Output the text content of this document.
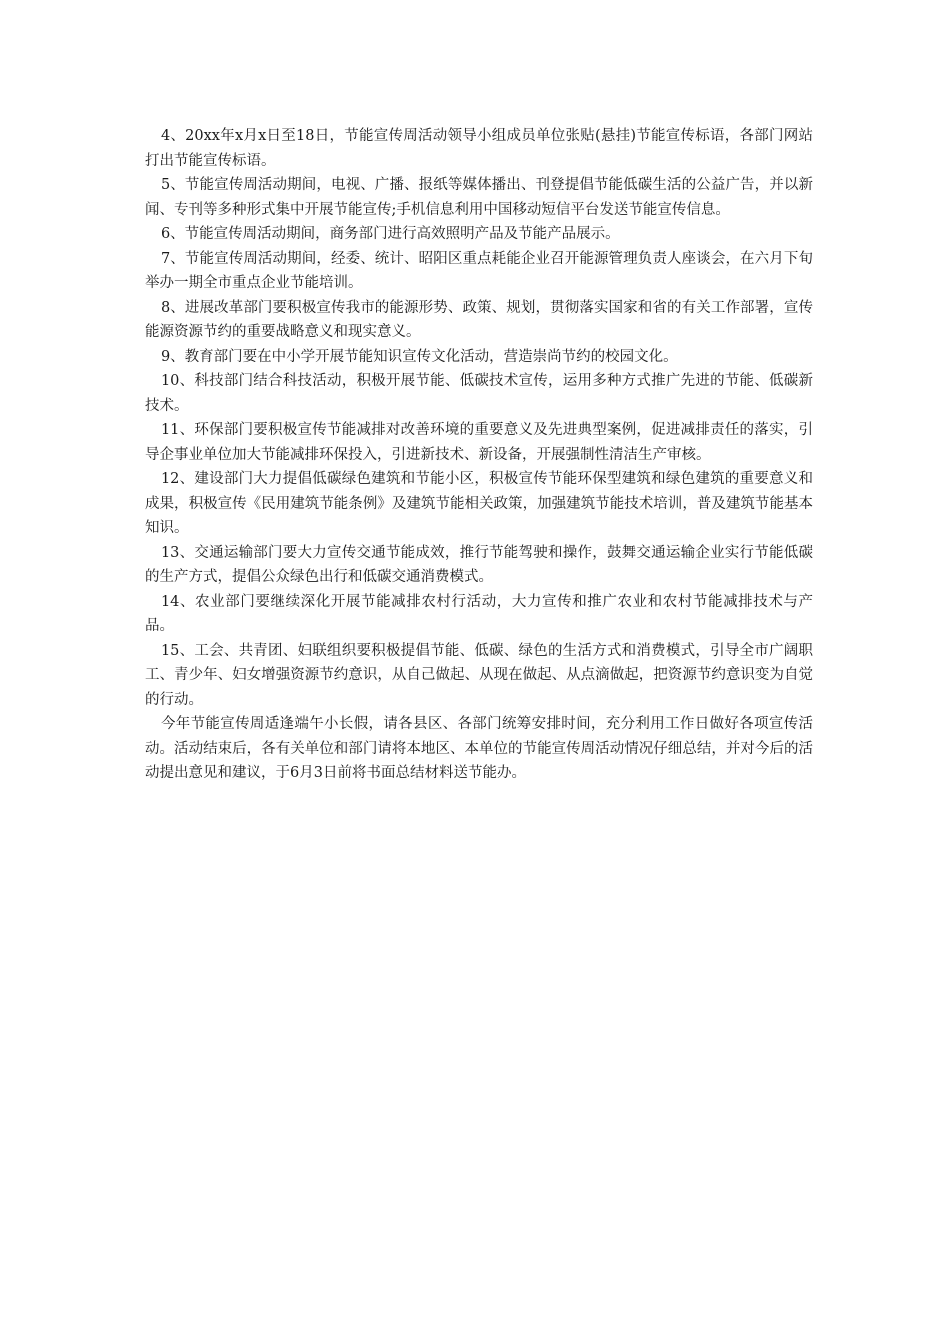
4、20xx年x月x日至18日，节能宣传周活动领导小组成员单位张贴(悬挂)节能宣传标语，各部门网站打出节能宣传标语。

5、节能宣传周活动期间，电视、广播、报纸等媒体播出、刊登提倡节能低碳生活的公益广告，并以新闻、专刊等多种形式集中开展节能宣传;手机信息利用中国移动短信平台发送节能宣传信息。

6、节能宣传周活动期间，商务部门进行高效照明产品及节能产品展示。

7、节能宣传周活动期间，经委、统计、昭阳区重点耗能企业召开能源管理负责人座谈会，在六月下旬举办一期全市重点企业节能培训。

8、进展改革部门要积极宣传我市的能源形势、政策、规划，贯彻落实国家和省的有关工作部署，宣传能源资源节约的重要战略意义和现实意义。

9、教育部门要在中小学开展节能知识宣传文化活动，营造崇尚节约的校园文化。

10、科技部门结合科技活动，积极开展节能、低碳技术宣传，运用多种方式推广先进的节能、低碳新技术。

11、环保部门要积极宣传节能减排对改善环境的重要意义及先进典型案例，促进减排责任的落实，引导企事业单位加大节能减排环保投入，引进新技术、新设备，开展强制性清洁生产审核。

12、建设部门大力提倡低碳绿色建筑和节能小区，积极宣传节能环保型建筑和绿色建筑的重要意义和成果，积极宣传《民用建筑节能条例》及建筑节能相关政策，加强建筑节能技术培训，普及建筑节能基本知识。

13、交通运输部门要大力宣传交通节能成效，推行节能驾驶和操作，鼓舞交通运输企业实行节能低碳的生产方式，提倡公众绿色出行和低碳交通消费模式。

14、农业部门要继续深化开展节能减排农村行活动，大力宣传和推广农业和农村节能减排技术与产品。

15、工会、共青团、妇联组织要积极提倡节能、低碳、绿色的生活方式和消费模式，引导全市广阔职工、青少年、妇女增强资源节约意识，从自己做起、从现在做起、从点滴做起，把资源节约意识变为自觉的行动。

今年节能宣传周适逢端午小长假，请各县区、各部门统筹安排时间，充分利用工作日做好各项宣传活动。活动结束后，各有关单位和部门请将本地区、本单位的节能宣传周活动情况仔细总结，并对今后的活动提出意见和建议，于6月3日前将书面总结材料送节能办。
